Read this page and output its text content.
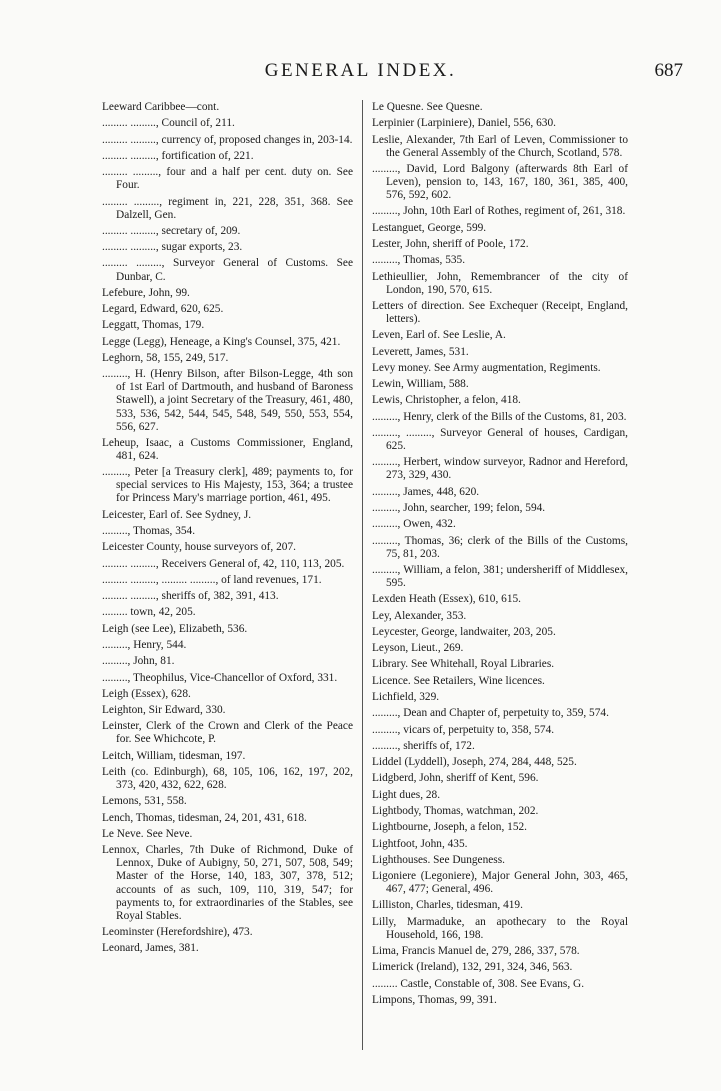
GENERAL INDEX.	687
Leeward Caribbee—cont.
......... ........., Council of, 211.
......... ........., currency of, proposed changes in, 203-14.
......... ........., fortification of, 221.
......... ........., four and a half per cent. duty on. See Four.
......... ........., regiment in, 221, 228, 351, 368. See Dalzell, Gen.
......... ........., secretary of, 209.
......... ........., sugar exports, 23.
......... ........., Surveyor General of Customs. See Dunbar, C.
Lefebure, John, 99.
Legard, Edward, 620, 625.
Leggatt, Thomas, 179.
Legge (Legg), Heneage, a King's Counsel, 375, 421.
Leghorn, 58, 155, 249, 517.
........., H. (Henry Bilson, after Bilson-Legge, 4th son of 1st Earl of Dartmouth, and husband of Baroness Stawell), a joint Secretary of the Treasury, 461, 480, 533, 536, 542, 544, 545, 548, 549, 550, 553, 554, 556, 627.
Leheup, Isaac, a Customs Commissioner, England, 481, 624.
........., Peter [a Treasury clerk], 489; payments to, for special services to His Majesty, 153, 364; a trustee for Princess Mary's marriage portion, 461, 495.
Leicester, Earl of. See Sydney, J.
........., Thomas, 354.
Leicester County, house surveyors of, 207.
......... ........., Receivers General of, 42, 110, 113, 205.
......... ........., ......... ........., of land revenues, 171.
......... ........., sheriffs of, 382, 391, 413.
......... town, 42, 205.
Leigh (see Lee), Elizabeth, 536.
........., Henry, 544.
........., John, 81.
........., Theophilus, Vice-Chancellor of Oxford, 331.
Leigh (Essex), 628.
Leighton, Sir Edward, 330.
Leinster, Clerk of the Crown and Clerk of the Peace for. See Whichcote, P.
Leitch, William, tidesman, 197.
Leith (co. Edinburgh), 68, 105, 106, 162, 197, 202, 373, 420, 432, 622, 628.
Lemons, 531, 558.
Lench, Thomas, tidesman, 24, 201, 431, 618.
Le Neve. See Neve.
Lennox, Charles, 7th Duke of Richmond, Duke of Lennox, Duke of Aubigny, 50, 271, 507, 508, 549; Master of the Horse, 140, 183, 307, 378, 512; accounts of as such, 109, 110, 319, 547; for payments to, for extraordinaries of the Stables, see Royal Stables.
Leominster (Herefordshire), 473.
Leonard, James, 381.
Le Quesne. See Quesne.
Lerpinier (Larpiniere), Daniel, 556, 630.
Leslie, Alexander, 7th Earl of Leven, Commissioner to the General Assembly of the Church, Scotland, 578.
........., David, Lord Balgony (afterwards 8th Earl of Leven), pension to, 143, 167, 180, 361, 385, 400, 576, 592, 602.
........., John, 10th Earl of Rothes, regiment of, 261, 318.
Lestanguet, George, 599.
Lester, John, sheriff of Poole, 172.
........., Thomas, 535.
Lethieullier, John, Remembrancer of the city of London, 190, 570, 615.
Letters of direction. See Exchequer (Receipt, England, letters).
Leven, Earl of. See Leslie, A.
Leverett, James, 531.
Levy money. See Army augmentation, Regiments.
Lewin, William, 588.
Lewis, Christopher, a felon, 418.
........., Henry, clerk of the Bills of the Customs, 81, 203.
........., ........., Surveyor General of houses, Cardigan, 625.
........., Herbert, window surveyor, Radnor and Hereford, 273, 329, 430.
........., James, 448, 620.
........., John, searcher, 199; felon, 594.
........., Owen, 432.
........., Thomas, 36; clerk of the Bills of the Customs, 75, 81, 203.
........., William, a felon, 381; undersheriff of Middlesex, 595.
Lexden Heath (Essex), 610, 615.
Ley, Alexander, 353.
Leycester, George, landwaiter, 203, 205.
Leyson, Lieut., 269.
Library. See Whitehall, Royal Libraries.
Licence. See Retailers, Wine licences.
Lichfield, 329.
........., Dean and Chapter of, perpetuity to, 359, 574.
........., vicars of, perpetuity to, 358, 574.
........., sheriffs of, 172.
Liddel (Lyddell), Joseph, 274, 284, 448, 525.
Lidgberd, John, sheriff of Kent, 596.
Light dues, 28.
Lightbody, Thomas, watchman, 202.
Lightbourne, Joseph, a felon, 152.
Lightfoot, John, 435.
Lighthouses. See Dungeness.
Ligoniere (Legoniere), Major General John, 303, 465, 467, 477; General, 496.
Lilliston, Charles, tidesman, 419.
Lilly, Marmaduke, an apothecary to the Royal Household, 166, 198.
Lima, Francis Manuel de, 279, 286, 337, 578.
Limerick (Ireland), 132, 291, 324, 346, 563.
......... Castle, Constable of, 308. See Evans, G.
Limpons, Thomas, 99, 391.
